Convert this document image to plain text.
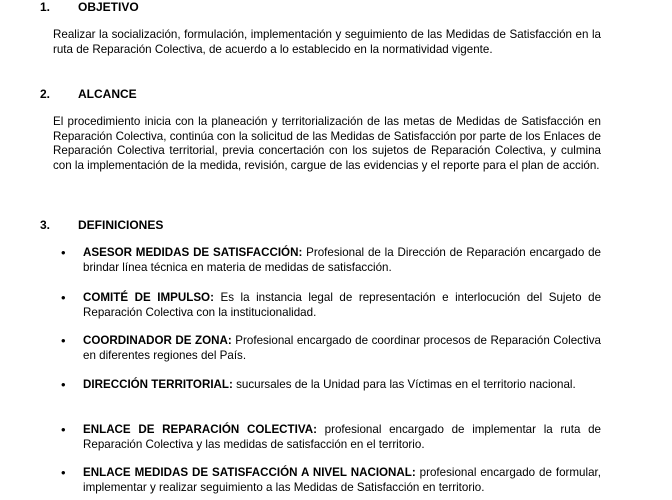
1. OBJETIVO
Realizar la socialización, formulación, implementación y seguimiento de las Medidas de Satisfacción en la ruta de Reparación Colectiva, de acuerdo a lo establecido en la normatividad vigente.
2. ALCANCE
El procedimiento inicia con la planeación y territorialización de las metas de Medidas de Satisfacción en Reparación Colectiva, continúa con la solicitud de las Medidas de Satisfacción por parte de los Enlaces de Reparación Colectiva territorial, previa concertación con los sujetos de Reparación Colectiva, y culmina con la implementación de la medida, revisión, cargue de las evidencias y el reporte para el plan de acción.
3. DEFINICIONES
•	ASESOR MEDIDAS DE SATISFACCIÓN: Profesional de la Dirección de Reparación encargado de brindar línea técnica en materia de medidas de satisfacción.
•	COMITÉ DE IMPULSO: Es la instancia legal de representación e interlocución del Sujeto de Reparación Colectiva con la institucionalidad.
•	COORDINADOR DE ZONA: Profesional encargado de coordinar procesos de Reparación Colectiva en diferentes regiones del País.
•	DIRECCIÓN TERRITORIAL: sucursales de la Unidad para las Víctimas en el territorio nacional.
•	ENLACE DE REPARACIÓN COLECTIVA: profesional encargado de implementar la ruta de Reparación Colectiva y las medidas de satisfacción en el territorio.
•	ENLACE MEDIDAS DE SATISFACCIÓN A NIVEL NACIONAL: profesional encargado de formular, implementar y realizar seguimiento a las Medidas de Satisfacción en territorio.
